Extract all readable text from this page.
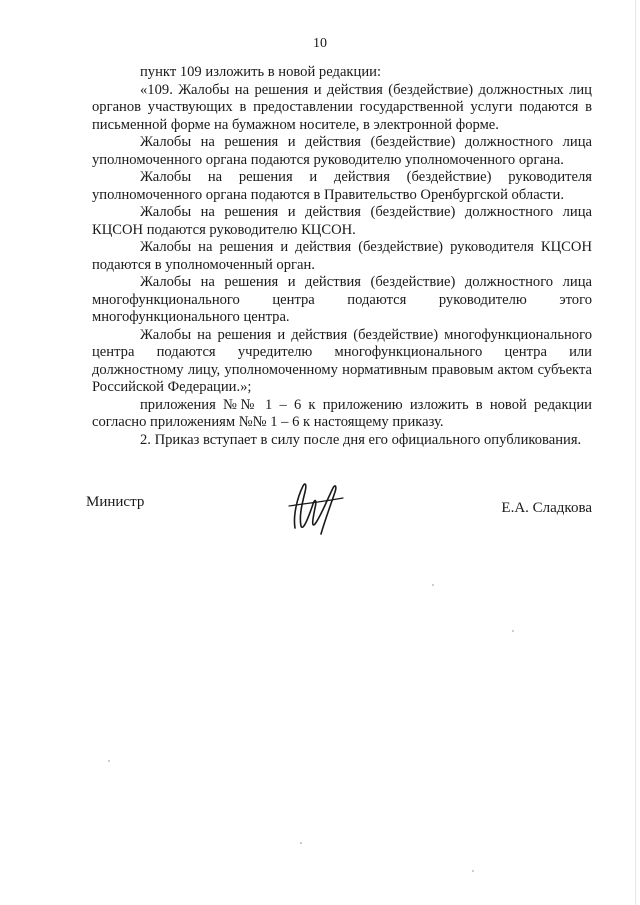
10

пункт 109 изложить в новой редакции:

«109. Жалобы на решения и действия (бездействие) должностных лиц органов участвующих в предоставлении государственной услуги подаются в письменной форме на бумажном носителе, в электронной форме.

Жалобы на решения и действия (бездействие) должностного лица уполномоченного органа подаются руководителю уполномоченного органа.

Жалобы на решения и действия (бездействие) руководителя уполномоченного органа подаются в Правительство Оренбургской области.

Жалобы на решения и действия (бездействие) должностного лица КЦСОН подаются руководителю КЦСОН.

Жалобы на решения и действия (бездействие) руководителя КЦСОН подаются в уполномоченный орган.

Жалобы на решения и действия (бездействие) должностного лица многофункционального центра подаются руководителю этого многофункционального центра.

Жалобы на решения и действия (бездействие) многофункционального центра подаются учредителю многофункционального центра или должностному лицу, уполномоченному нормативным правовым актом субъекта Российской Федерации.»;

приложения №№ 1 – 6 к приложению изложить в новой редакции согласно приложениям №№ 1 – 6 к настоящему приказу.

2. Приказ вступает в силу после дня его официального опубликования.

Министр	Е.А. Сладкова
